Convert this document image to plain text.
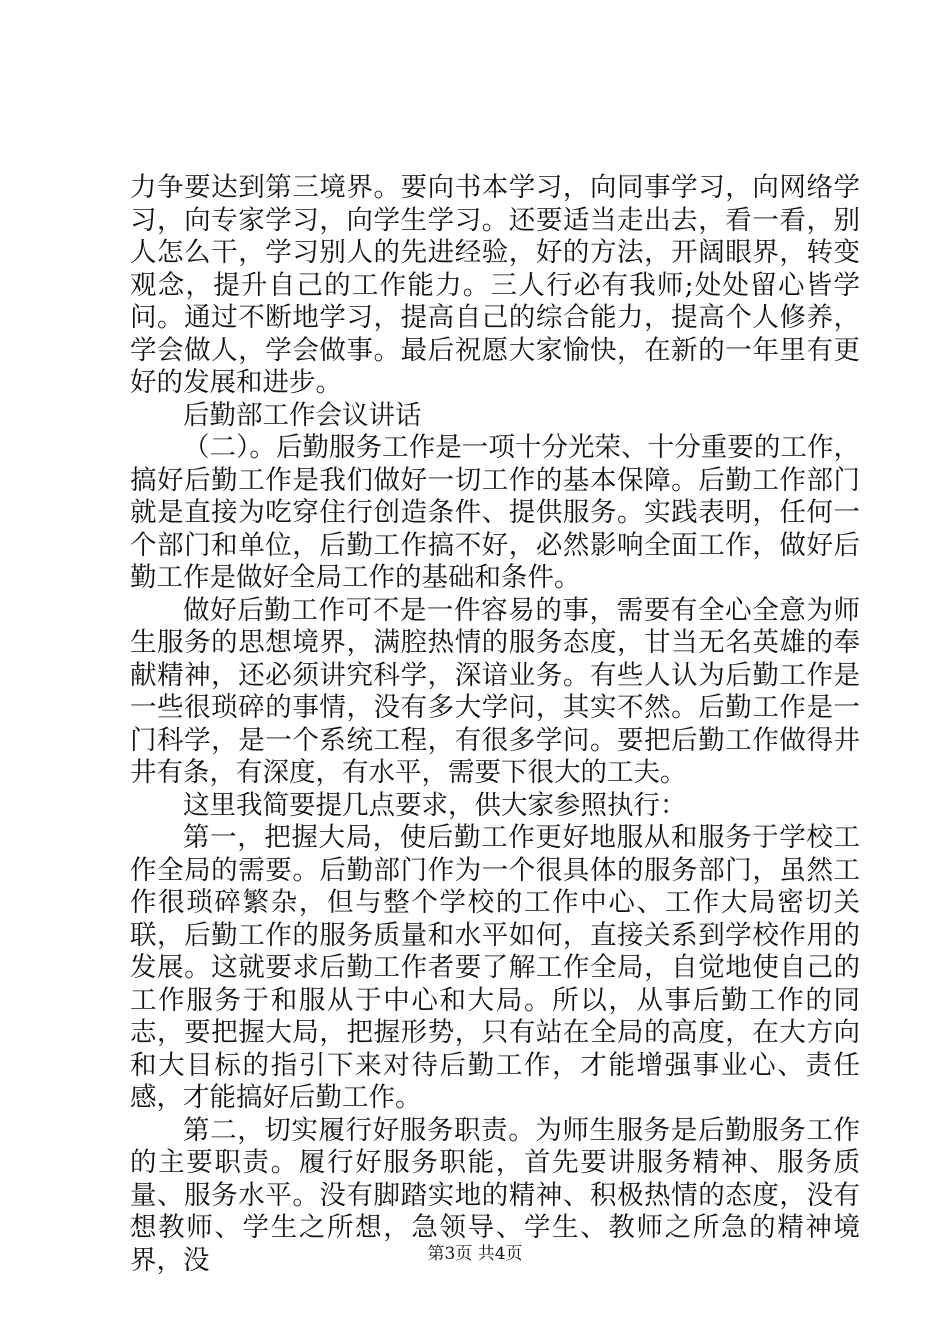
力争要达到第三境界。要向书本学习，向同事学习，向网络学习，向专家学习，向学生学习。还要适当走出去，看一看，别人怎么干，学习别人的先进经验，好的方法，开阔眼界，转变观念，提升自己的工作能力。三人行必有我师;处处留心皆学问。通过不断地学习，提高自己的综合能力，提高个人修养，学会做人，学会做事。最后祝愿大家愉快，在新的一年里有更好的发展和进步。

后勤部工作会议讲话

（二）。后勤服务工作是一项十分光荣、十分重要的工作，搞好后勤工作是我们做好一切工作的基本保障。后勤工作部门就是直接为吃穿住行创造条件、提供服务。实践表明，任何一个部门和单位，后勤工作搞不好，必然影响全面工作，做好后勤工作是做好全局工作的基础和条件。

做好后勤工作可不是一件容易的事，需要有全心全意为师生服务的思想境界，满腔热情的服务态度，甘当无名英雄的奉献精神，还必须讲究科学，深谙业务。有些人认为后勤工作是一些很琐碎的事情，没有多大学问，其实不然。后勤工作是一门科学，是一个系统工程，有很多学问。要把后勤工作做得井井有条，有深度，有水平，需要下很大的工夫。

这里我简要提几点要求，供大家参照执行：

第一，把握大局，使后勤工作更好地服从和服务于学校工作全局的需要。后勤部门作为一个很具体的服务部门，虽然工作很琐碎繁杂，但与整个学校的工作中心、工作大局密切关联，后勤工作的服务质量和水平如何，直接关系到学校作用的发展。这就要求后勤工作者要了解工作全局，自觉地使自己的工作服务于和服从于中心和大局。所以，从事后勤工作的同志，要把握大局，把握形势，只有站在全局的高度，在大方向和大目标的指引下来对待后勤工作，才能增强事业心、责任感，才能搞好后勤工作。

第二，切实履行好服务职责。为师生服务是后勤服务工作的主要职责。履行好服务职能，首先要讲服务精神、服务质量、服务水平。没有脚踏实地的精神、积极热情的态度，没有想教师、学生之所想，急领导、学生、教师之所急的精神境界，没	第3页 共4页
